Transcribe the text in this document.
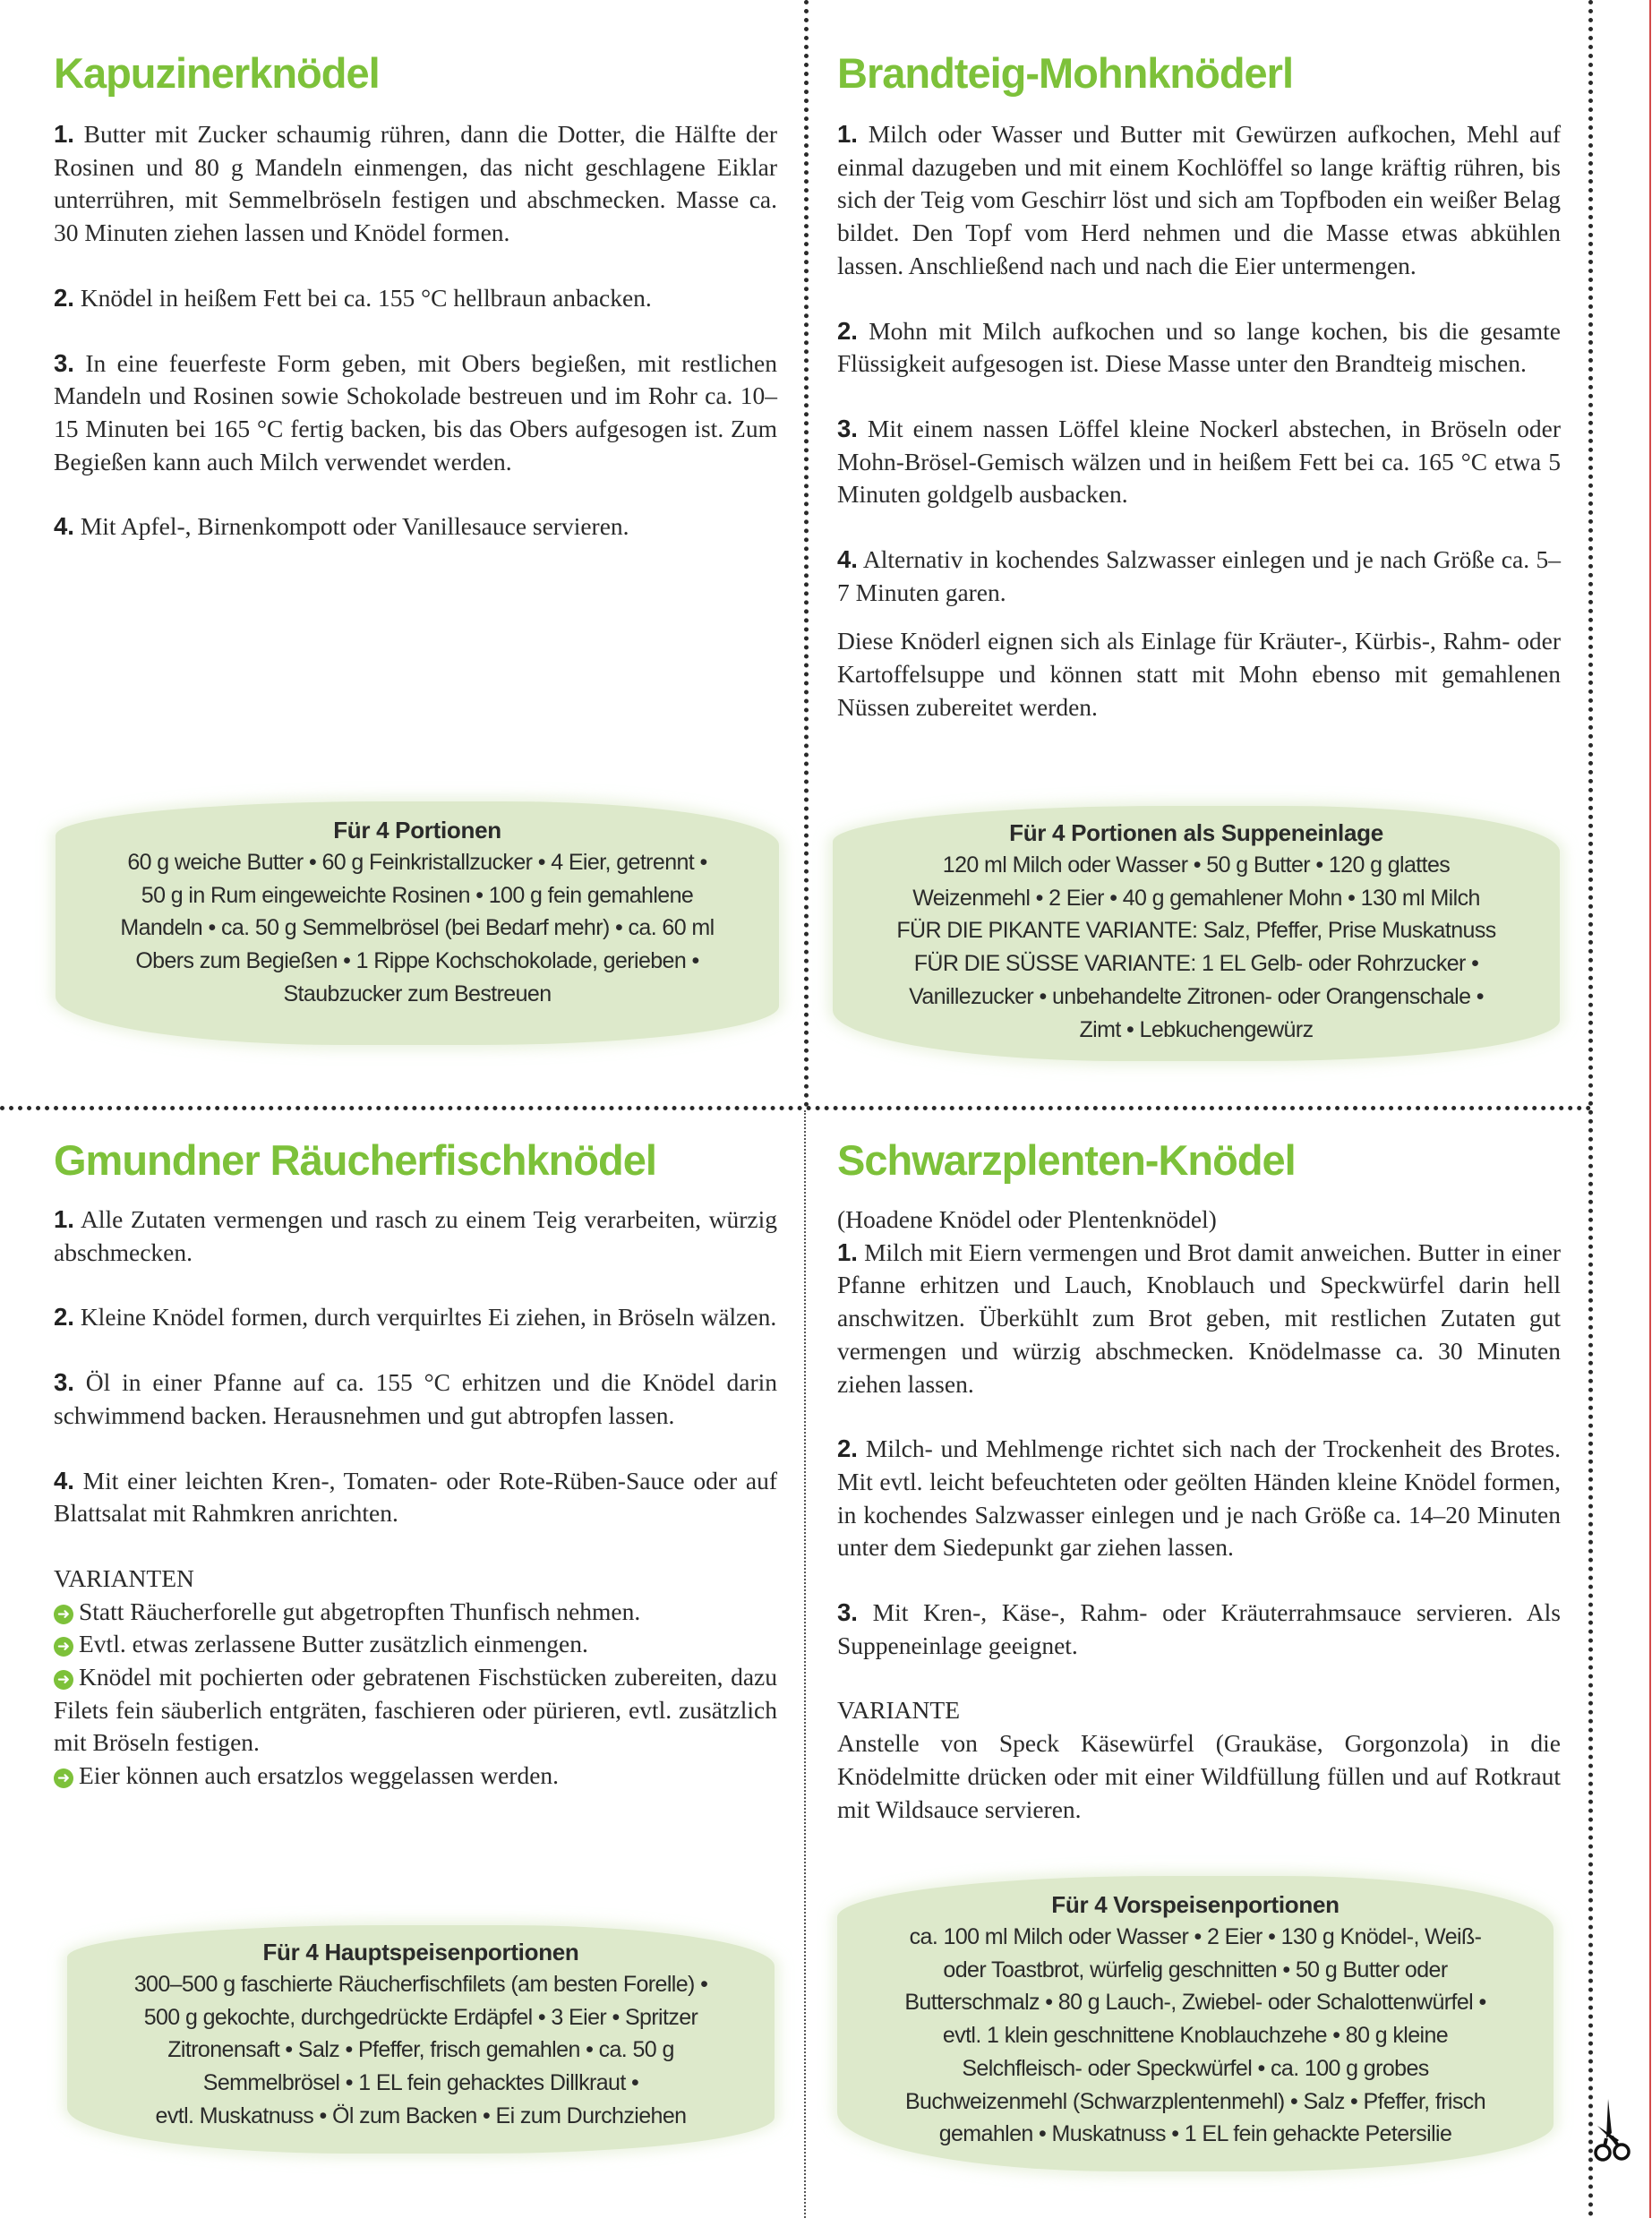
Kapuzinerknödel

1. Butter mit Zucker schaumig rühren, dann die Dotter, die Hälfte der Rosinen und 80 g Mandeln einmengen, das nicht geschlagene Eiklar unterrühren, mit Semmelbröseln festigen und abschmecken. Masse ca. 30 Minuten ziehen lassen und Knödel formen.

2. Knödel in heißem Fett bei ca. 155 °C hellbraun anbacken.

3. In eine feuerfeste Form geben, mit Obers begießen, mit restlichen Mandeln und Rosinen sowie Schokolade bestreuen und im Rohr ca. 10–15 Minuten bei 165 °C fertig backen, bis das Obers aufgesogen ist. Zum Begießen kann auch Milch verwendet werden.

4. Mit Apfel-, Birnenkompott oder Vanillesauce servieren.

Für 4 Portionen
60 g weiche Butter • 60 g Feinkristallzucker • 4 Eier, getrennt •
50 g in Rum eingeweichte Rosinen • 100 g fein gemahlene
Mandeln • ca. 50 g Semmelbrösel (bei Bedarf mehr) • ca. 60 ml
Obers zum Begießen • 1 Rippe Kochschokolade, gerieben •
Staubzucker zum Bestreuen
Brandteig-Mohnknöderl

1. Milch oder Wasser und Butter mit Gewürzen aufkochen, Mehl auf einmal dazugeben und mit einem Kochlöffel so lange kräftig rühren, bis sich der Teig vom Geschirr löst und sich am Topfboden ein weißer Belag bildet. Den Topf vom Herd nehmen und die Masse etwas abkühlen lassen. Anschließend nach und nach die Eier untermengen.

2. Mohn mit Milch aufkochen und so lange kochen, bis die gesamte Flüssigkeit aufgesogen ist. Diese Masse unter den Brandteig mischen.

3. Mit einem nassen Löffel kleine Nockerl abstechen, in Bröseln oder Mohn-Brösel-Gemisch wälzen und in heißem Fett bei ca. 165 °C etwa 5 Minuten goldgelb ausbacken.

4. Alternativ in kochendes Salzwasser einlegen und je nach Größe ca. 5–7 Minuten garen.

Diese Knöderl eignen sich als Einlage für Kräuter-, Kürbis-, Rahm- oder Kartoffelsuppe und können statt mit Mohn ebenso mit gemahlenen Nüssen zubereitet werden.

Für 4 Portionen als Suppeneinlage
120 ml Milch oder Wasser • 50 g Butter • 120 g glattes
Weizenmehl • 2 Eier • 40 g gemahlener Mohn • 130 ml Milch
FÜR DIE PIKANTE VARIANTE: Salz, Pfeffer, Prise Muskatnuss
FÜR DIE SÜSSE VARIANTE: 1 EL Gelb- oder Rohrzucker •
Vanillezucker • unbehandelte Zitronen- oder Orangenschale •
Zimt • Lebkuchengewürz
Gmundner Räucherfischknödel

1. Alle Zutaten vermengen und rasch zu einem Teig verarbeiten, würzig abschmecken.

2. Kleine Knödel formen, durch verquirltes Ei ziehen, in Bröseln wälzen.

3. Öl in einer Pfanne auf ca. 155 °C erhitzen und die Knödel darin schwimmend backen. Herausnehmen und gut abtropfen lassen.

4. Mit einer leichten Kren-, Tomaten- oder Rote-Rüben-Sauce oder auf Blattsalat mit Rahmkren anrichten.

VARIANTEN

➜ Statt Räucherforelle gut abgetropften Thunfisch nehmen.

➜ Evtl. etwas zerlassene Butter zusätzlich einmengen.

➜ Knödel mit pochierten oder gebratenen Fischstücken zubereiten, dazu Filets fein säuberlich entgräten, faschieren oder pürieren, evtl. zusätzlich mit Bröseln festigen.

➜ Eier können auch ersatzlos weggelassen werden.

Für 4 Hauptspeisenportionen
300–500 g faschierte Räucherfischfilets (am besten Forelle) •
500 g gekochte, durchgedrückte Erdäpfel • 3 Eier • Spritzer
Zitronensaft • Salz • Pfeffer, frisch gemahlen • ca. 50 g
Semmelbrösel • 1 EL fein gehacktes Dillkraut •
evtl. Muskatnuss • Öl zum Backen • Ei zum Durchziehen
Schwarzplenten-Knödel

(Hoadene Knödel oder Plentenknödel)

1. Milch mit Eiern vermengen und Brot damit anweichen. Butter in einer Pfanne erhitzen und Lauch, Knoblauch und Speckwürfel darin hell anschwitzen. Überkühlt zum Brot geben, mit restlichen Zutaten gut vermengen und würzig abschmecken. Knödelmasse ca. 30 Minuten ziehen lassen.

2. Milch- und Mehlmenge richtet sich nach der Trockenheit des Brotes. Mit evtl. leicht befeuchteten oder geölten Händen kleine Knödel formen, in kochendes Salzwasser einlegen und je nach Größe ca. 14–20 Minuten unter dem Siedepunkt gar ziehen lassen.

3. Mit Kren-, Käse-, Rahm- oder Kräuterrahmsauce servieren. Als Suppeneinlage geeignet.

VARIANTE

Anstelle von Speck Käsewürfel (Graukäse, Gorgonzola) in die Knödelmitte drücken oder mit einer Wildfüllung füllen und auf Rotkraut mit Wildsauce servieren.

Für 4 Vorspeisenportionen
ca. 100 ml Milch oder Wasser • 2 Eier • 130 g Knödel-, Weiß-
oder Toastbrot, würfelig geschnitten • 50 g Butter oder
Butterschmalz • 80 g Lauch-, Zwiebel- oder Schalottenwürfel •
evtl. 1 klein geschnittene Knoblauchzehe • 80 g kleine
Selchfleisch- oder Speckwürfel • ca. 100 g grobes
Buchweizenmehl (Schwarzplentenmehl) • Salz • Pfeffer, frisch
gemahlen • Muskatnuss • 1 EL fein gehackte Petersilie
